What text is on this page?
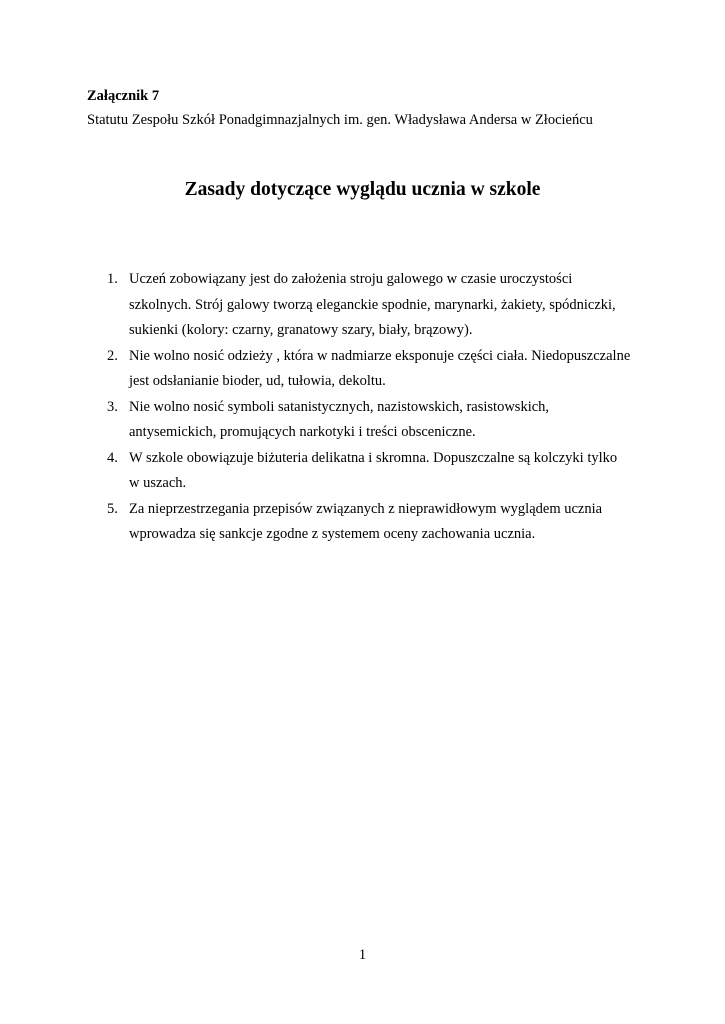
Załącznik 7
Statutu Zespołu Szkół Ponadgimnazjalnych im. gen. Władysława Andersa w Złocieńcu
Zasady dotyczące wyglądu ucznia w szkole
1. Uczeń zobowiązany jest do założenia stroju galowego w czasie uroczystości
szkolnych. Strój galowy tworzą eleganckie spodnie, marynarki, żakiety, spódniczki,
sukienki (kolory: czarny, granatowy szary, biały, brązowy).
2. Nie wolno nosić odzieży , która w nadmiarze eksponuje części ciała. Niedopuszczalne
jest odsłanianie bioder, ud, tułowia, dekoltu.
3. Nie wolno nosić symboli satanistycznych, nazistowskich, rasistowskich,
antysemickich, promujących narkotyki i treści obsceniczne.
4. W szkole obowiązuje biżuteria delikatna i skromna. Dopuszczalne są kolczyki tylko
w uszach.
5. Za nieprzestrzegania przepisów związanych z nieprawidłowym wyglądem ucznia
wprowadza się sankcje zgodne z systemem oceny zachowania ucznia.
1
